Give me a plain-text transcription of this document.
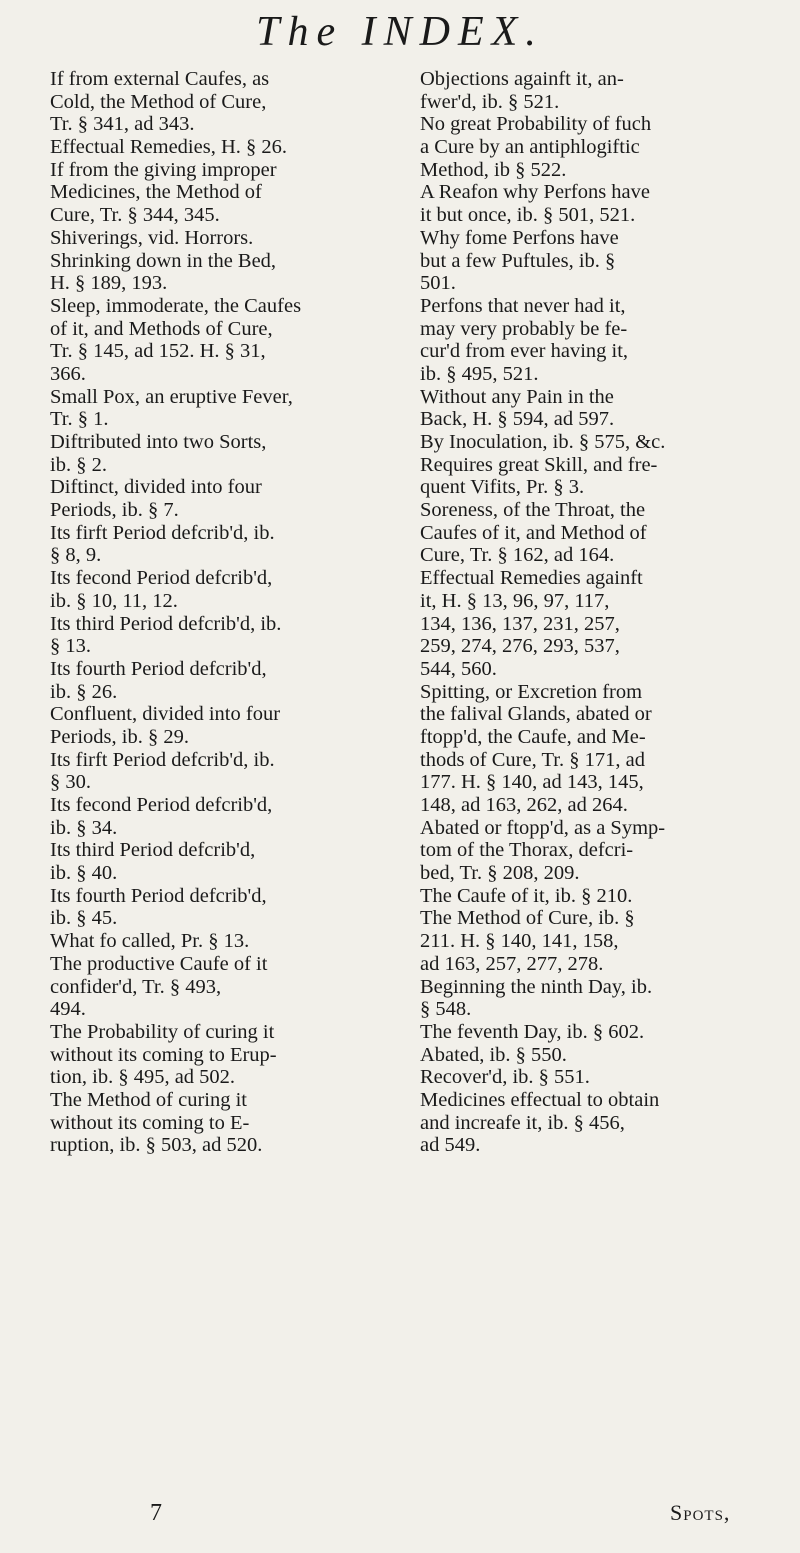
The INDEX.
If from external Caufes, as
Cold, the Method of Cure,
Tr. § 341, ad 343.
Effectual Remedies, H. § 26.
If from the giving improper
Medicines, the Method of
Cure, Tr. § 344, 345.
Shiverings, vid. Horrors.
Shrinking down in the Bed,
H. § 189, 193.
Sleep, immoderate, the Caufes
of it, and Methods of Cure,
Tr. § 145, ad 152. H. § 31,
366.
Small Pox, an eruptive Fever,
Tr. § 1.
Diftributed into two Sorts,
ib. § 2.
Diftinct, divided into four
Periods, ib. § 7.
Its firft Period defcrib'd, ib.
§ 8, 9.
Its fecond Period defcrib'd,
ib. § 10, 11, 12.
Its third Period defcrib'd, ib.
§ 13.
Its fourth Period defcrib'd,
ib. § 26.
Confluent, divided into four
Periods, ib. § 29.
Its firft Period defcrib'd, ib.
§ 30.
Its fecond Period defcrib'd,
ib. § 34.
Its third Period defcrib'd,
ib. § 40.
Its fourth Period defcrib'd,
ib. § 45.
What fo called, Pr. § 13.
The productive Caufe of it
confider'd, Tr. § 493,
494.
The Probability of curing it
without its coming to Erup-
tion, ib. § 495, ad 502.
The Method of curing it
without its coming to E-
ruption, ib. § 503, ad 520.
Objections againft it, an-
fwer'd, ib. § 521.
No great Probability of fuch
a Cure by an antiphlogiftic
Method, ib § 522.
A Reafon why Perfons have
it but once, ib. § 501, 521.
Why fome Perfons have
but a few Puftules, ib. §
501.
Perfons that never had it,
may very probably be fe-
cur'd from ever having it,
ib. § 495, 521.
Without any Pain in the
Back, H. § 594, ad 597.
By Inoculation, ib. § 575, &c.
Requires great Skill, and fre-
quent Vifits, Pr. § 3.
Soreness, of the Throat, the
Caufes of it, and Method of
Cure, Tr. § 162, ad 164.
Effectual Remedies againft
it, H. § 13, 96, 97, 117,
134, 136, 137, 231, 257,
259, 274, 276, 293, 537,
544, 560.
Spitting, or Excretion from
the falival Glands, abated or
ftopp'd, the Caufe, and Me-
thods of Cure, Tr. § 171, ad
177. H. § 140, ad 143, 145,
148, ad 163, 262, ad 264.
Abated or ftopp'd, as a Symp-
tom of the Thorax, defcri-
bed, Tr. § 208, 209.
The Caufe of it, ib. § 210.
The Method of Cure, ib. §
211. H. § 140, 141, 158,
ad 163, 257, 277, 278.
Beginning the ninth Day, ib.
§ 548.
The feventh Day, ib. § 602.
Abated, ib. § 550.
Recover'd, ib. § 551.
Medicines effectual to obtain
and increafe it, ib. § 456,
ad 549.
7	Spots,
